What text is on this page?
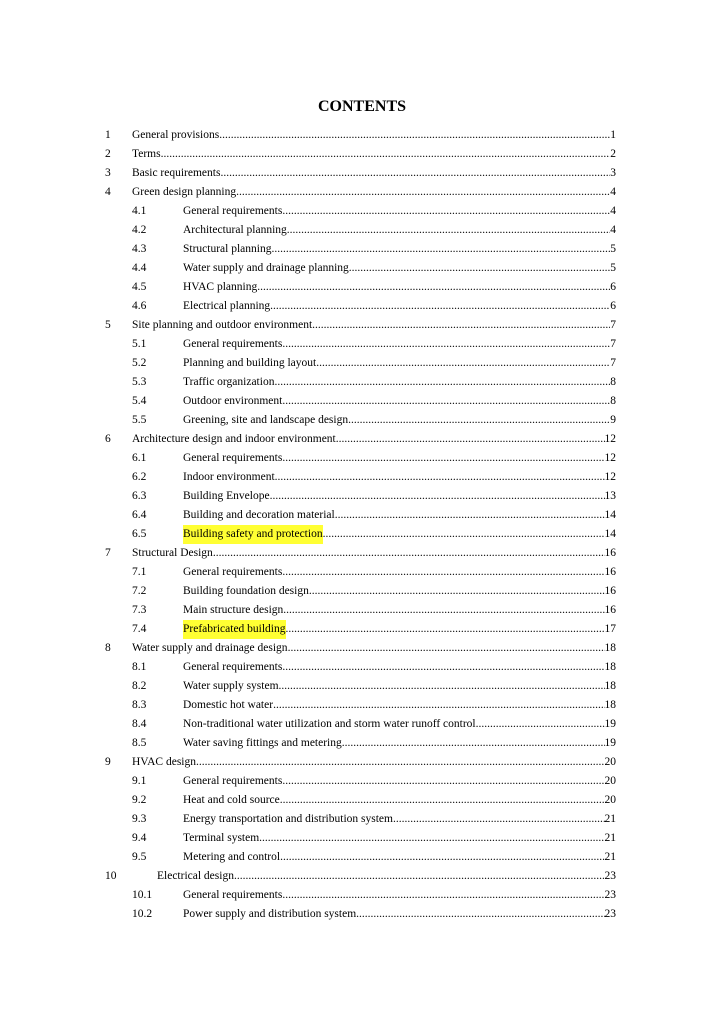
CONTENTS
1 General provisions .....	1
2 Terms .....	2
3 Basic requirements .....	3
4 Green design planning .....	4
4.1	General requirements .....	4
4.2	Architectural planning .....	4
4.3	Structural planning .....	5
4.4	Water supply and drainage planning .....	5
4.5	HVAC planning .....	6
4.6	Electrical planning .....	6
5 Site planning and outdoor environment .....	7
5.1	General requirements .....	7
5.2	Planning and building layout .....	7
5.3	Traffic organization .....	8
5.4	Outdoor environment .....	8
5.5	Greening, site and landscape design .....	9
6 Architecture design and indoor environment .....	12
6.1	General requirements .....	12
6.2	Indoor environment .....	12
6.3	Building Envelope .....	13
6.4	Building and decoration material .....	14
6.5	Building safety and protection .....	14
7 Structural Design .....	16
7.1	General requirements .....	16
7.2	Building foundation design .....	16
7.3	Main structure design .....	16
7.4	Prefabricated building .....	17
8 Water supply and drainage design .....	18
8.1	General requirements .....	18
8.2	Water supply system .....	18
8.3	Domestic hot water .....	18
8.4	Non-traditional water utilization and storm water runoff control .....	19
8.5	Water saving fittings and metering .....	19
9 HVAC design .....	20
9.1	General requirements .....	20
9.2	Heat and cold source .....	20
9.3	Energy transportation and distribution system .....	21
9.4	Terminal system .....	21
9.5	Metering and control .....	21
10	Electrical design .....	23
10.1	General requirements .....	23
10.2	Power supply and distribution system .....	23
